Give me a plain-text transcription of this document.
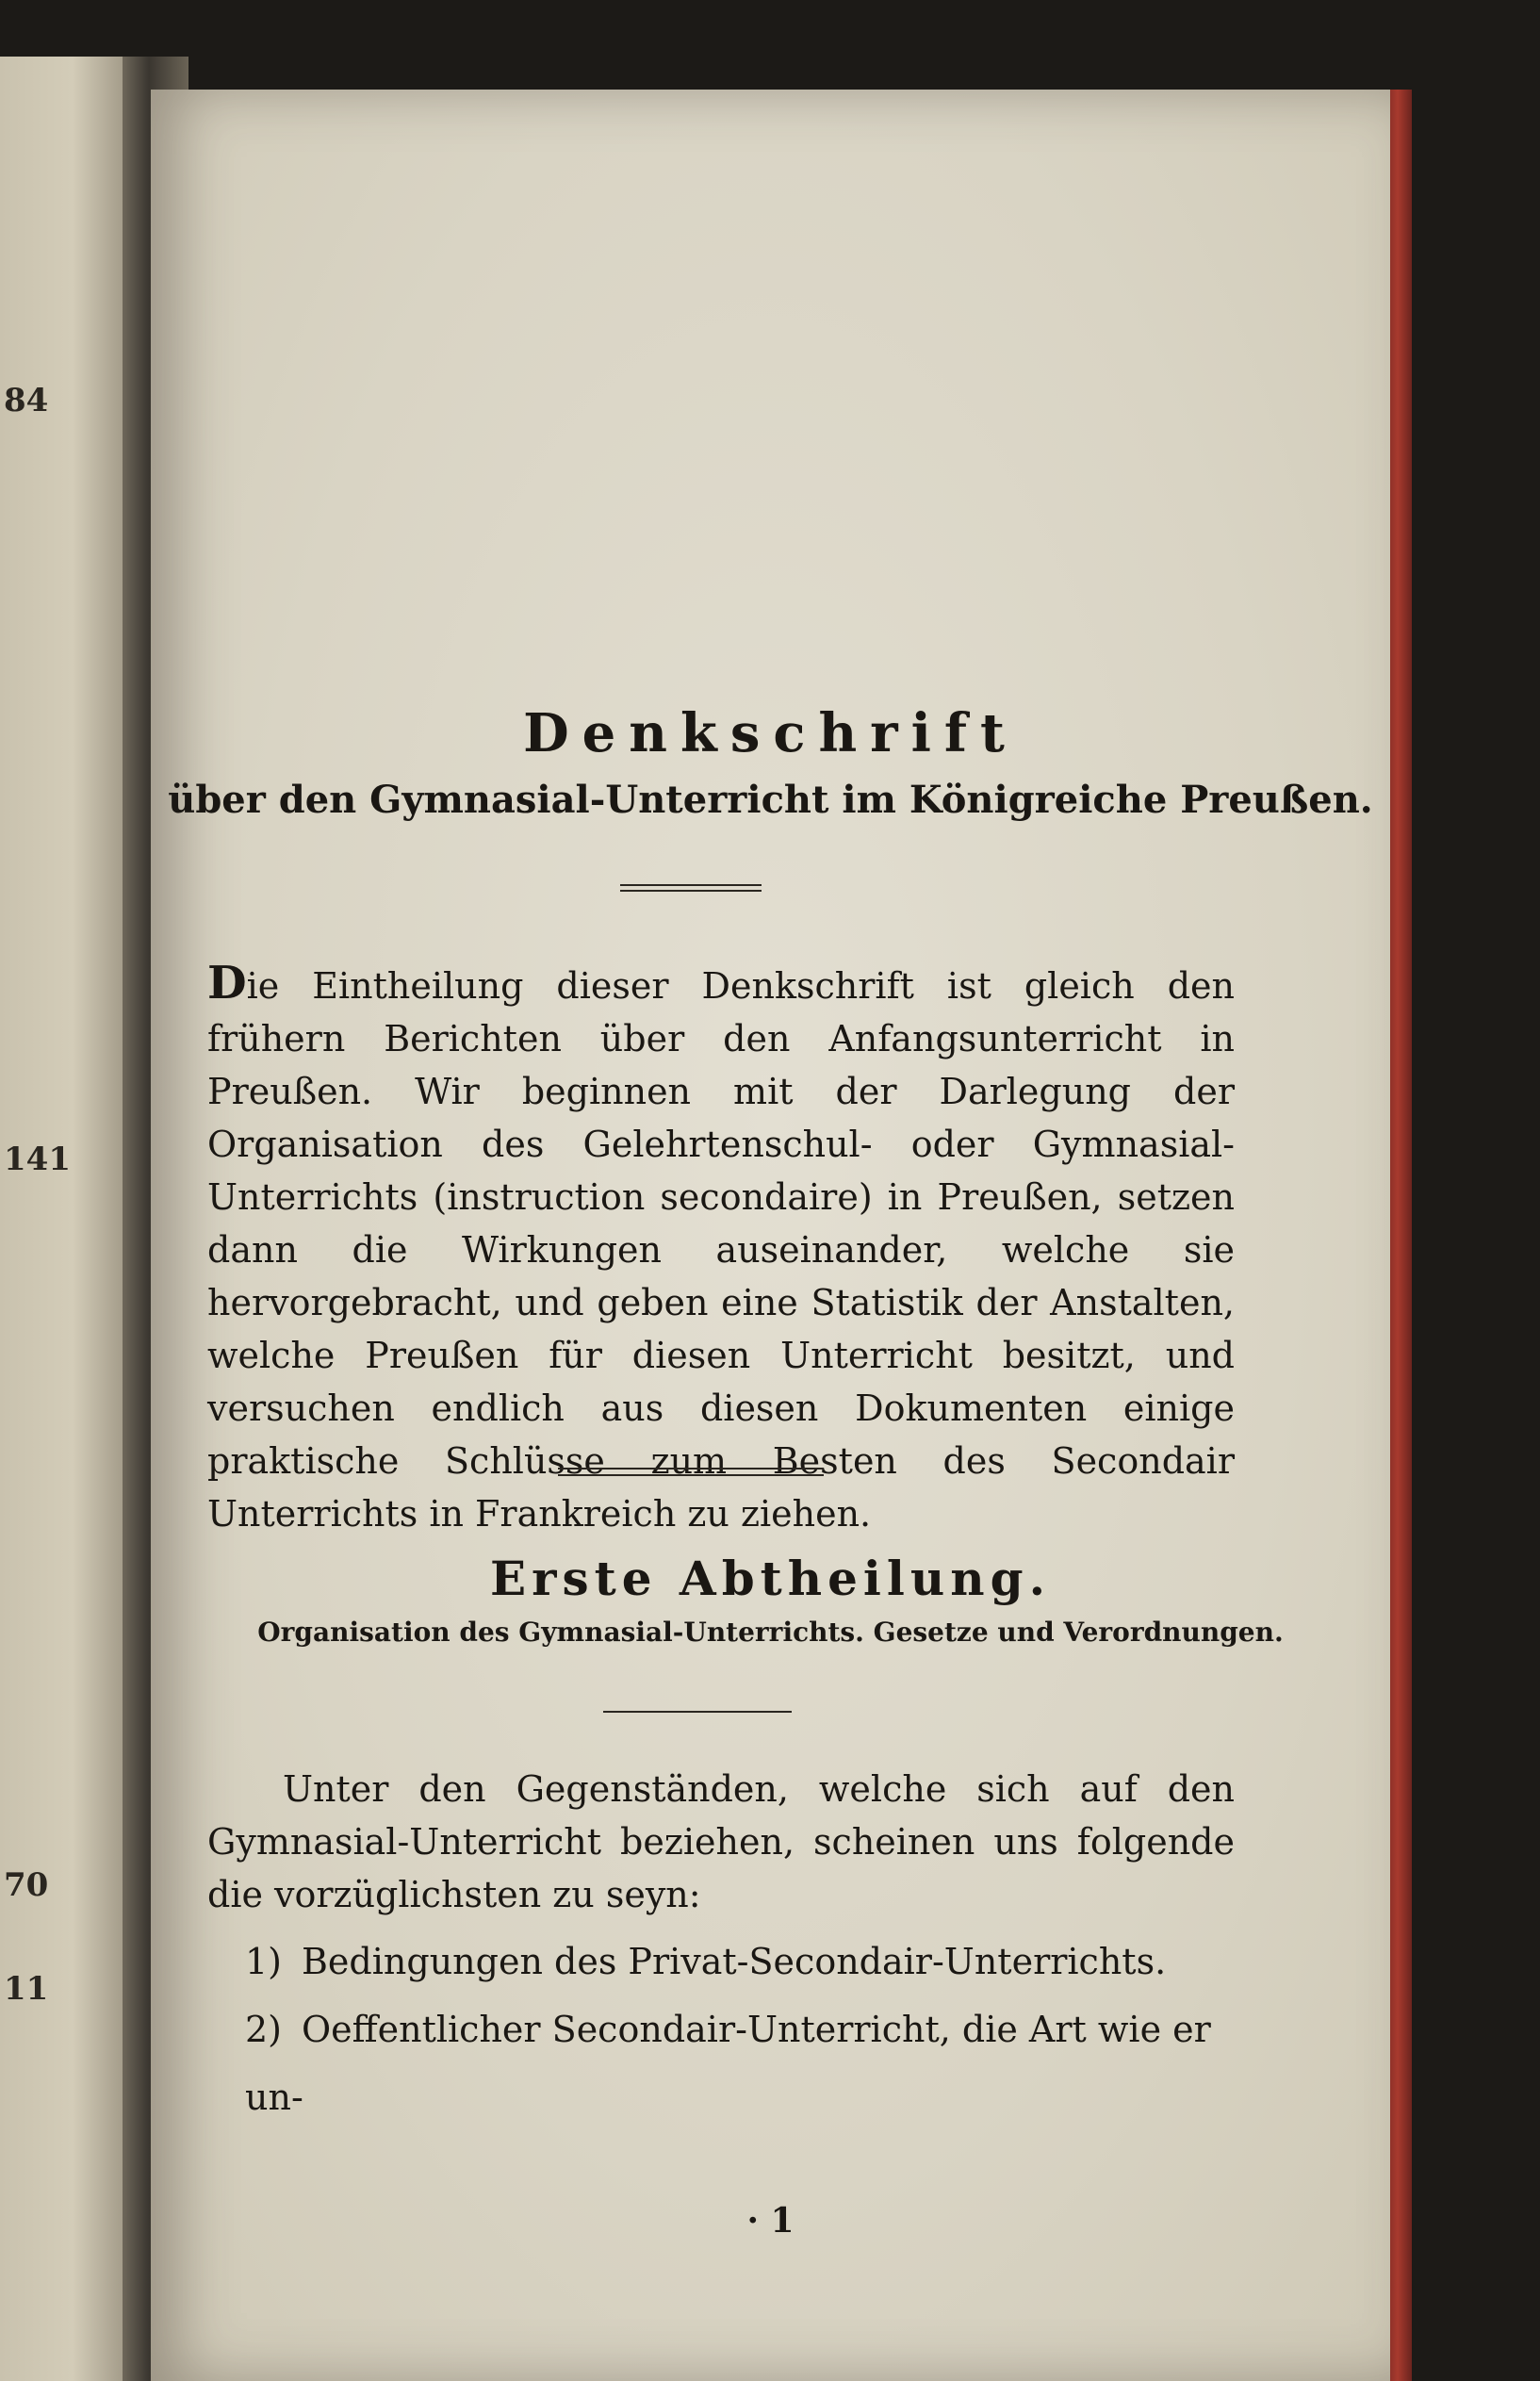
84
141
70
11
Denkschrift
über den Gymnasial-Unterricht im Königreiche Preußen.

Die Eintheilung dieser Denkschrift ist gleich den frühern Berichten über den Anfangsunterricht in Preußen. Wir beginnen mit der Darlegung der Organisation des Gelehrtenschul- oder Gymnasial-Unterrichts (instruction secondaire) in Preußen, setzen dann die Wirkungen auseinander, welche sie hervorgebracht, und geben eine Statistik der Anstalten, welche Preußen für diesen Unterricht besitzt, und versuchen endlich aus diesen Dokumenten einige praktische Schlüsse zum Besten des Secondair Unterrichts in Frankreich zu ziehen.

Erste Abtheilung.
Organisation des Gymnasial-Unterrichts. Gesetze und Verordnungen.

Unter den Gegenständen, welche sich auf den Gymnasial-Unterricht beziehen, scheinen uns folgende die vorzüglichsten zu seyn:

1) Bedingungen des Privat-Secondair-Unterrichts.
2) Oeffentlicher Secondair-Unterricht, die Art wie er un-
· 1
